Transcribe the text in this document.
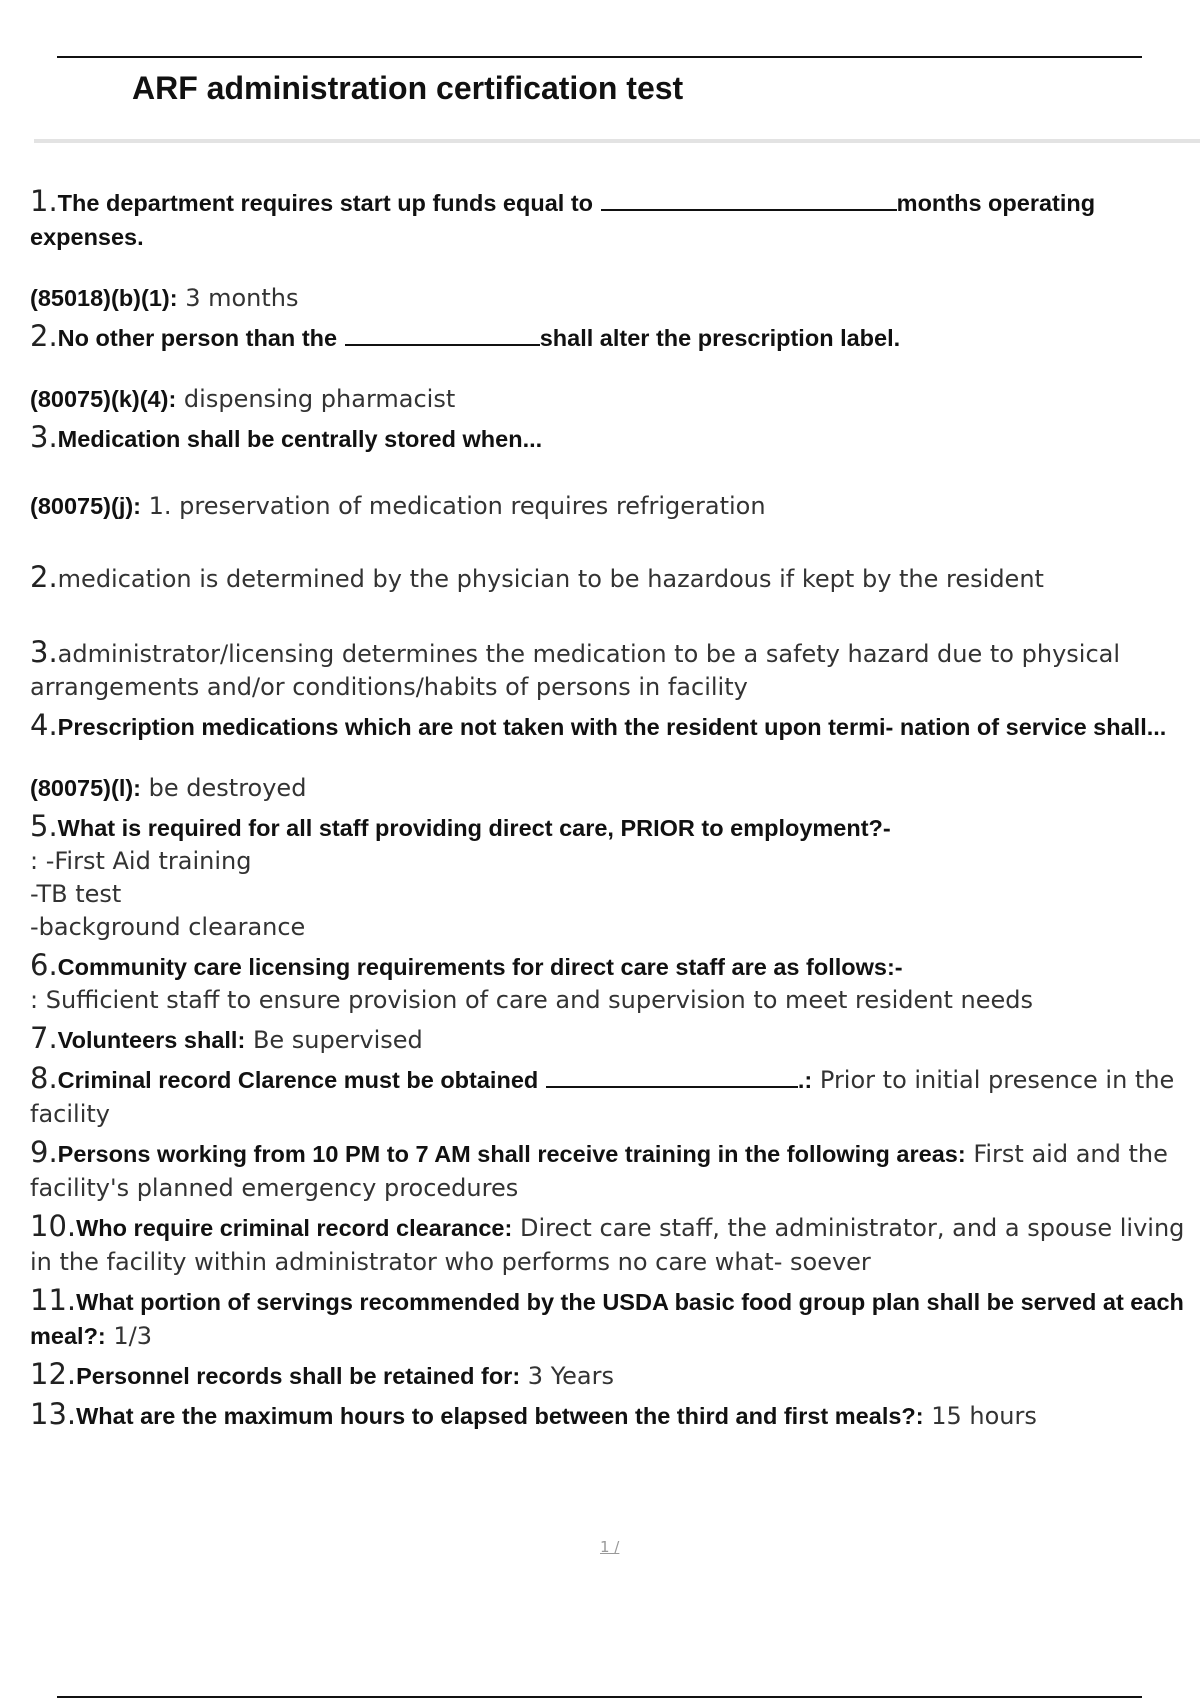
ARF administration certification test

1.The department requires start up funds equal to	months operating expenses.

(85018)(b)(1): 3 months

2.No other person than the	shall alter the prescription label.

(80075)(k)(4): dispensing pharmacist

3.Medication shall be centrally stored when...

(80075)(j): 1. preservation of medication requires refrigeration

2.medication is determined by the physician to be hazardous if kept by the resident

3.administrator/licensing determines the medication to be a safety hazard due to physical arrangements and/or conditions/habits of persons in facility

4.Prescription medications which are not taken with the resident upon termi- nation of service shall...

(80075)(l): be destroyed

5.What is required for all staff providing direct care, PRIOR to employment?-

: -First Aid training

-TB test

-background clearance

6.Community care licensing requirements for direct care staff are as follows:-

: Sufficient staff to ensure provision of care and supervision to meet resident needs

7.Volunteers shall: Be supervised

8.Criminal record Clarence must be obtained	.: Prior to initial presence in the facility

9.Persons working from 10 PM to 7 AM shall receive training in the following areas: First aid and the facility's planned emergency procedures

10.Who require criminal record clearance: Direct care staff, the administrator, and a spouse living in the facility within administrator who performs no care what- soever

11.What portion of servings recommended by the USDA basic food group plan shall be served at each meal?: 1/3

12.Personnel records shall be retained for: 3 Years

13.What are the maximum hours to elapsed between the third and first meals?: 15 hours

1 /
